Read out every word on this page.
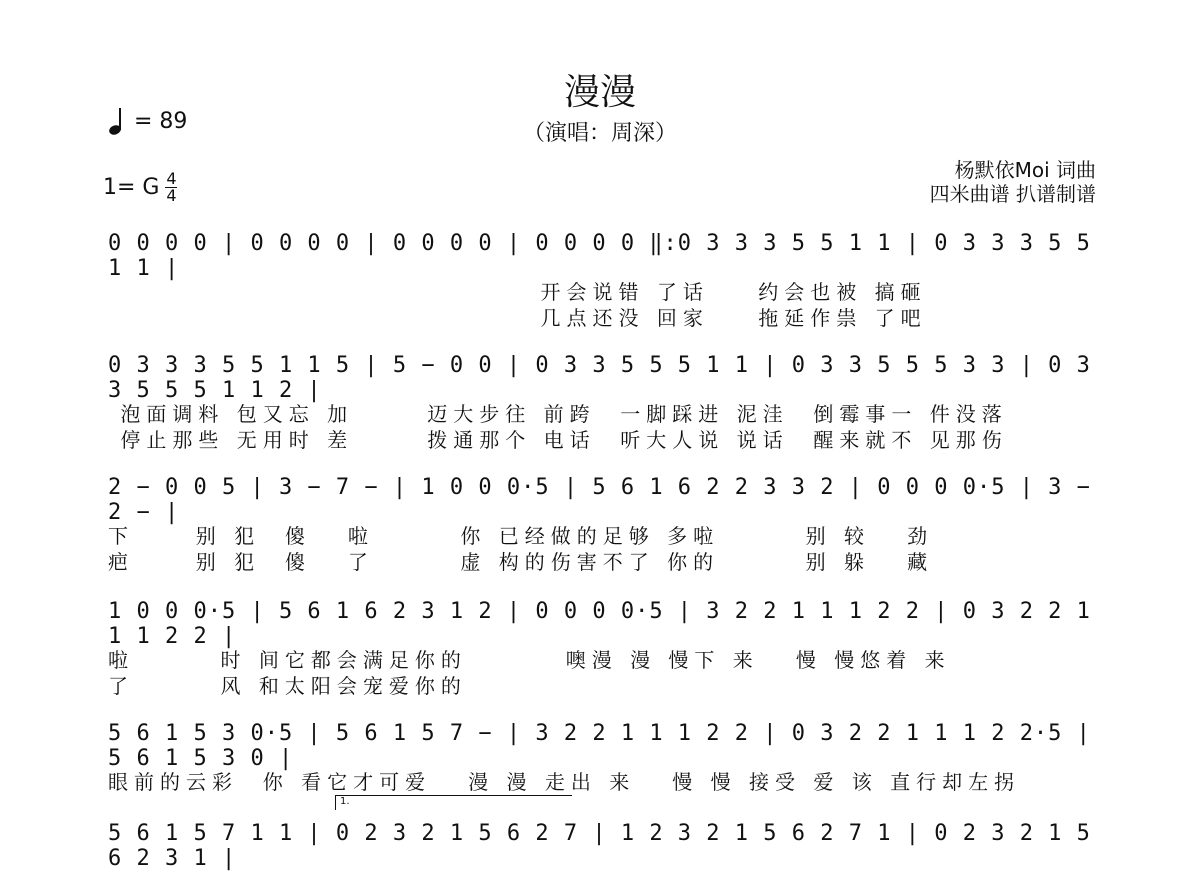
漫漫
（演唱：周深）
= 89
1= G 4
4
杨默依Moi 词曲
四米曲谱 扒谱制谱
0 0 0 0 | 0 0 0 0 | 0 0 0 0 | 0 0 0 0 ‖:0 3 3 3 5 5 1 1 | 0 3 3 3 5 5 1 1 |
开会说错 了话    约会也被 搞砸
几点还没 回家    拖延作祟 了吧
0 3 3 3 5 5 1 1 5 | 5 − 0 0 | 0 3 3 5 5 5 1 1 | 0 3 3 5 5 5 3 3 | 0 3 3 5 5 5 1 1 2 |
泡面调料 包又忘 加      迈大步往 前跨  一脚踩进 泥洼  倒霉事一 件没落
停止那些 无用时 差      拨通那个 电话  听大人说 说话  醒来就不 见那伤
2 − 0 0 5 | 3 − 7 − | 1 0 0 0·5 | 5 6 1 6 2 2 3 3 2 | 0 0 0 0·5 | 3 − 2 − |
下     别 犯  傻   啦       你 已经做的足够 多啦       别 较   劲
疤     别 犯  傻   了       虚 构的伤害不了 你的       别 躲   藏
1 0 0 0·5 | 5 6 1 6 2 3 1 2 | 0 0 0 0·5 | 3 2 2 1 1 1 2 2 | 0 3 2 2 1 1 1 2 2 |
啦       时 间它都会满足你的        噢漫 漫 慢下 来   慢 慢悠着 来
了       风 和太阳会宠爱你的
5 6 1 5 3 0·5 | 5 6 1 5 7 − | 3 2 2 1 1 1 2 2 | 0 3 2 2 1 1 1 2 2·5 | 5 6 1 5 3 0 |
眼前的云彩  你 看它才可爱   漫 漫 走出 来   慢 慢 接受 爱 该 直行却左拐
1.
5 6 1 5 7 1 1 | 0 2 3 2 1 5 6 2 7 | 1 2 3 2 1 5 6 2 7 1 | 0 2 3 2 1 5 6 2 3 1 |
